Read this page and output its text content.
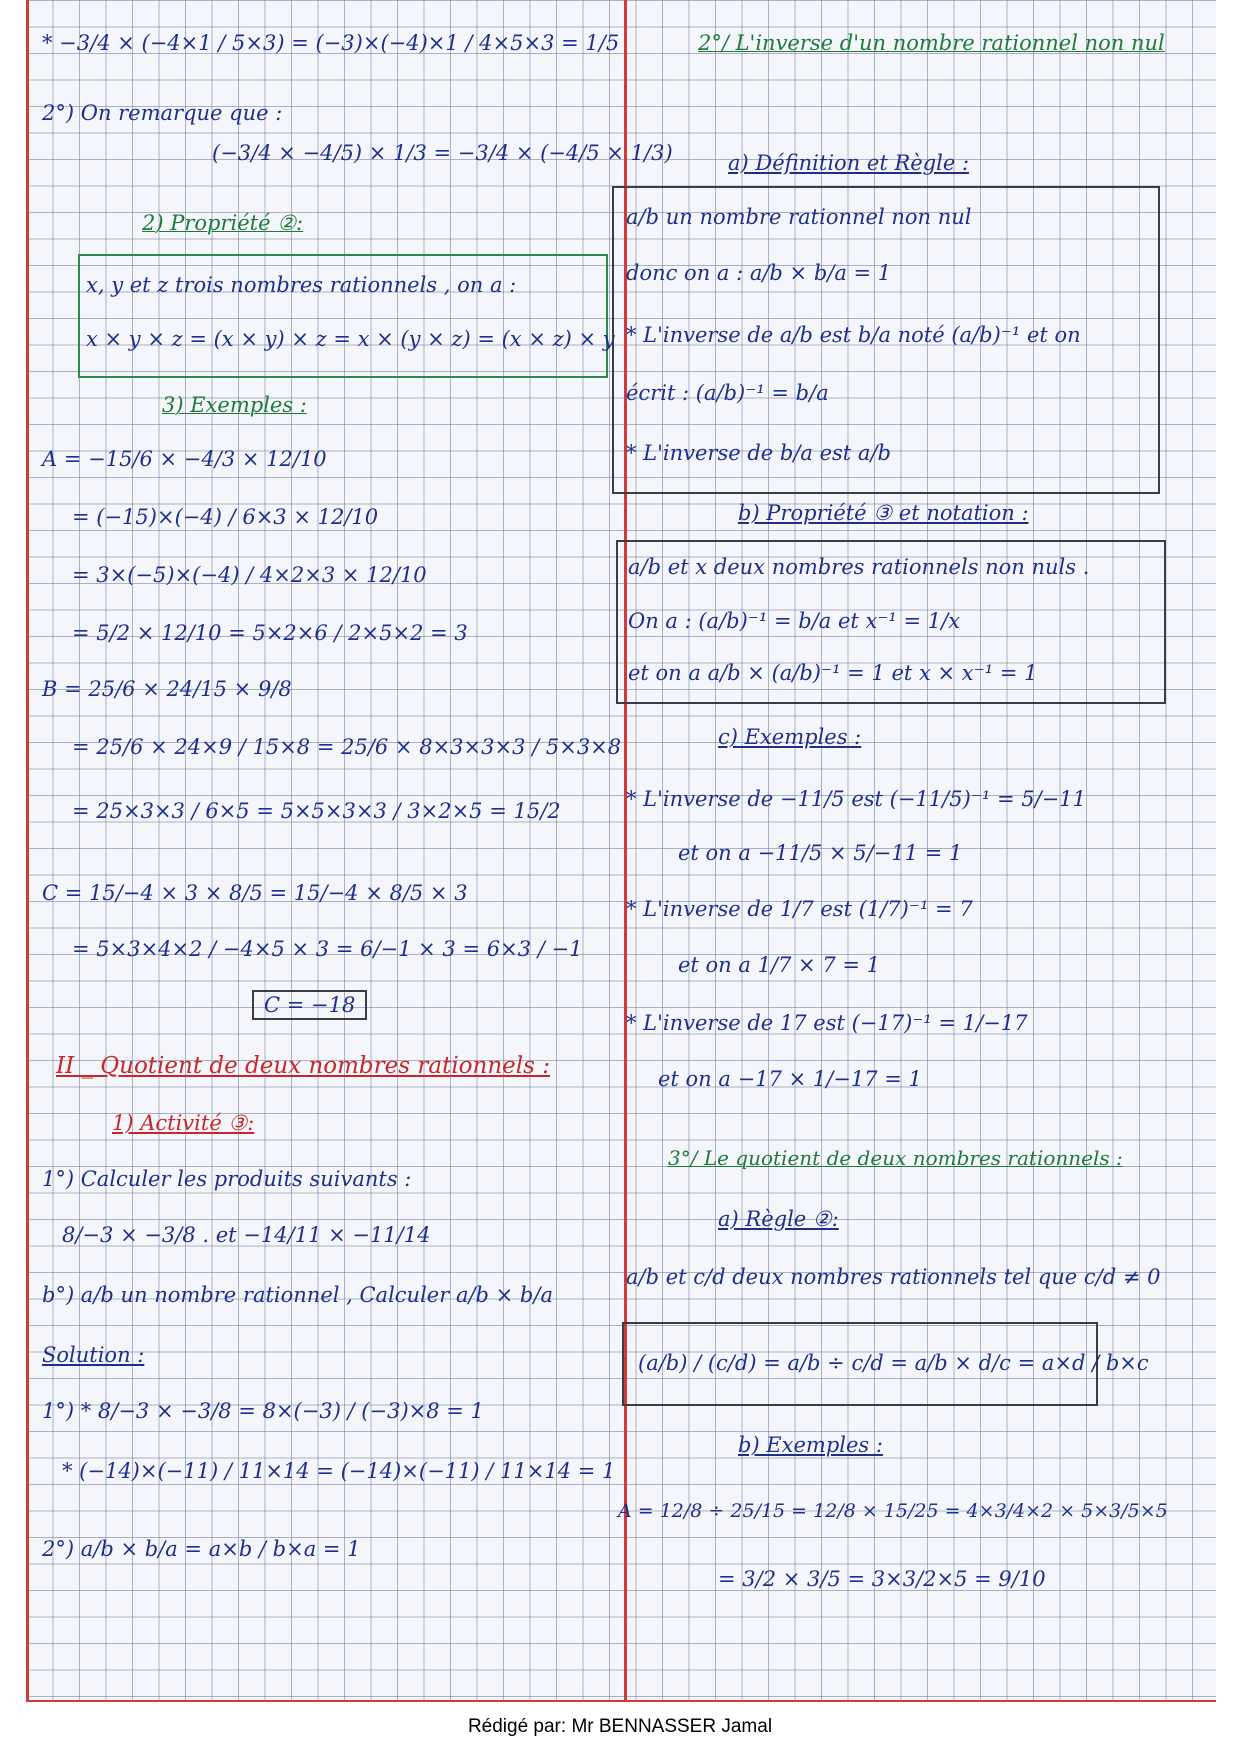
* −3/4 × (−4×1 / 5×3) = (−3)×(−4)×1 / 4×5×3 = 1/5
2°) On remarque que :
(−3/4 × −4/5) × 1/3 = −3/4 × (−4/5 × 1/3)
2) Propriété ②:
x, y et z trois nombres rationnels , on a :
x × y × z = (x × y) × z = x × (y × z) = (x × z) × y
3) Exemples :
A = −15/6 × −4/3 × 12/10
= (−15)×(−4) / 6×3 × 12/10
= 3×(−5)×(−4) / 4×2×3 × 12/10
= 5/2 × 12/10 = 5×2×6 / 2×5×2 = 3
B = 25/6 × 24/15 × 9/8
= 25/6 × 24×9 / 15×8 = 25/6 × 8×3×3×3 / 5×3×8
= 25×3×3 / 6×5 = 5×5×3×3 / 3×2×5 = 15/2
C = 15/−4 × 3 × 8/5 = 15/−4 × 8/5 × 3
= 5×3×4×2 / −4×5 × 3 = 6/−1 × 3 = 6×3 / −1
C = −18
II _ Quotient de deux nombres rationnels :
1) Activité ③:
1°) Calculer les produits suivants :
8/−3 × −3/8 . et −14/11 × −11/14
b°) a/b un nombre rationnel , Calculer a/b × b/a
Solution :
1°) * 8/−3 × −3/8 = 8×(−3) / (−3)×8 = 1
* (−14)×(−11) / 11×14 = (−14)×(−11) / 11×14 = 1
2°) a/b × b/a = a×b / b×a = 1
2°/ L'inverse d'un nombre rationnel non nul
a) Définition et Règle :
a/b un nombre rationnel non nul
donc on a : a/b × b/a = 1
* L'inverse de a/b est b/a noté (a/b)⁻¹ et on
écrit : (a/b)⁻¹ = b/a
* L'inverse de b/a est a/b
b) Propriété ③ et notation :
a/b et x deux nombres rationnels non nuls .
On a : (a/b)⁻¹ = b/a et x⁻¹ = 1/x
et on a a/b × (a/b)⁻¹ = 1 et x × x⁻¹ = 1
c) Exemples :
* L'inverse de −11/5 est (−11/5)⁻¹ = 5/−11
et on a −11/5 × 5/−11 = 1
* L'inverse de 1/7 est (1/7)⁻¹ = 7
et on a 1/7 × 7 = 1
* L'inverse de 17 est (−17)⁻¹ = 1/−17
et on a −17 × 1/−17 = 1
3°/ Le quotient de deux nombres rationnels :
a) Règle ②:
a/b et c/d deux nombres rationnels tel que c/d ≠ 0
(a/b) / (c/d) = a/b ÷ c/d = a/b × d/c = a×d / b×c
b) Exemples :
A = 12/8 ÷ 25/15 = 12/8 × 15/25 = 4×3/4×2 × 5×3/5×5
= 3/2 × 3/5 = 3×3/2×5 = 9/10
Rédigé par: Mr BENNASSER Jamal
